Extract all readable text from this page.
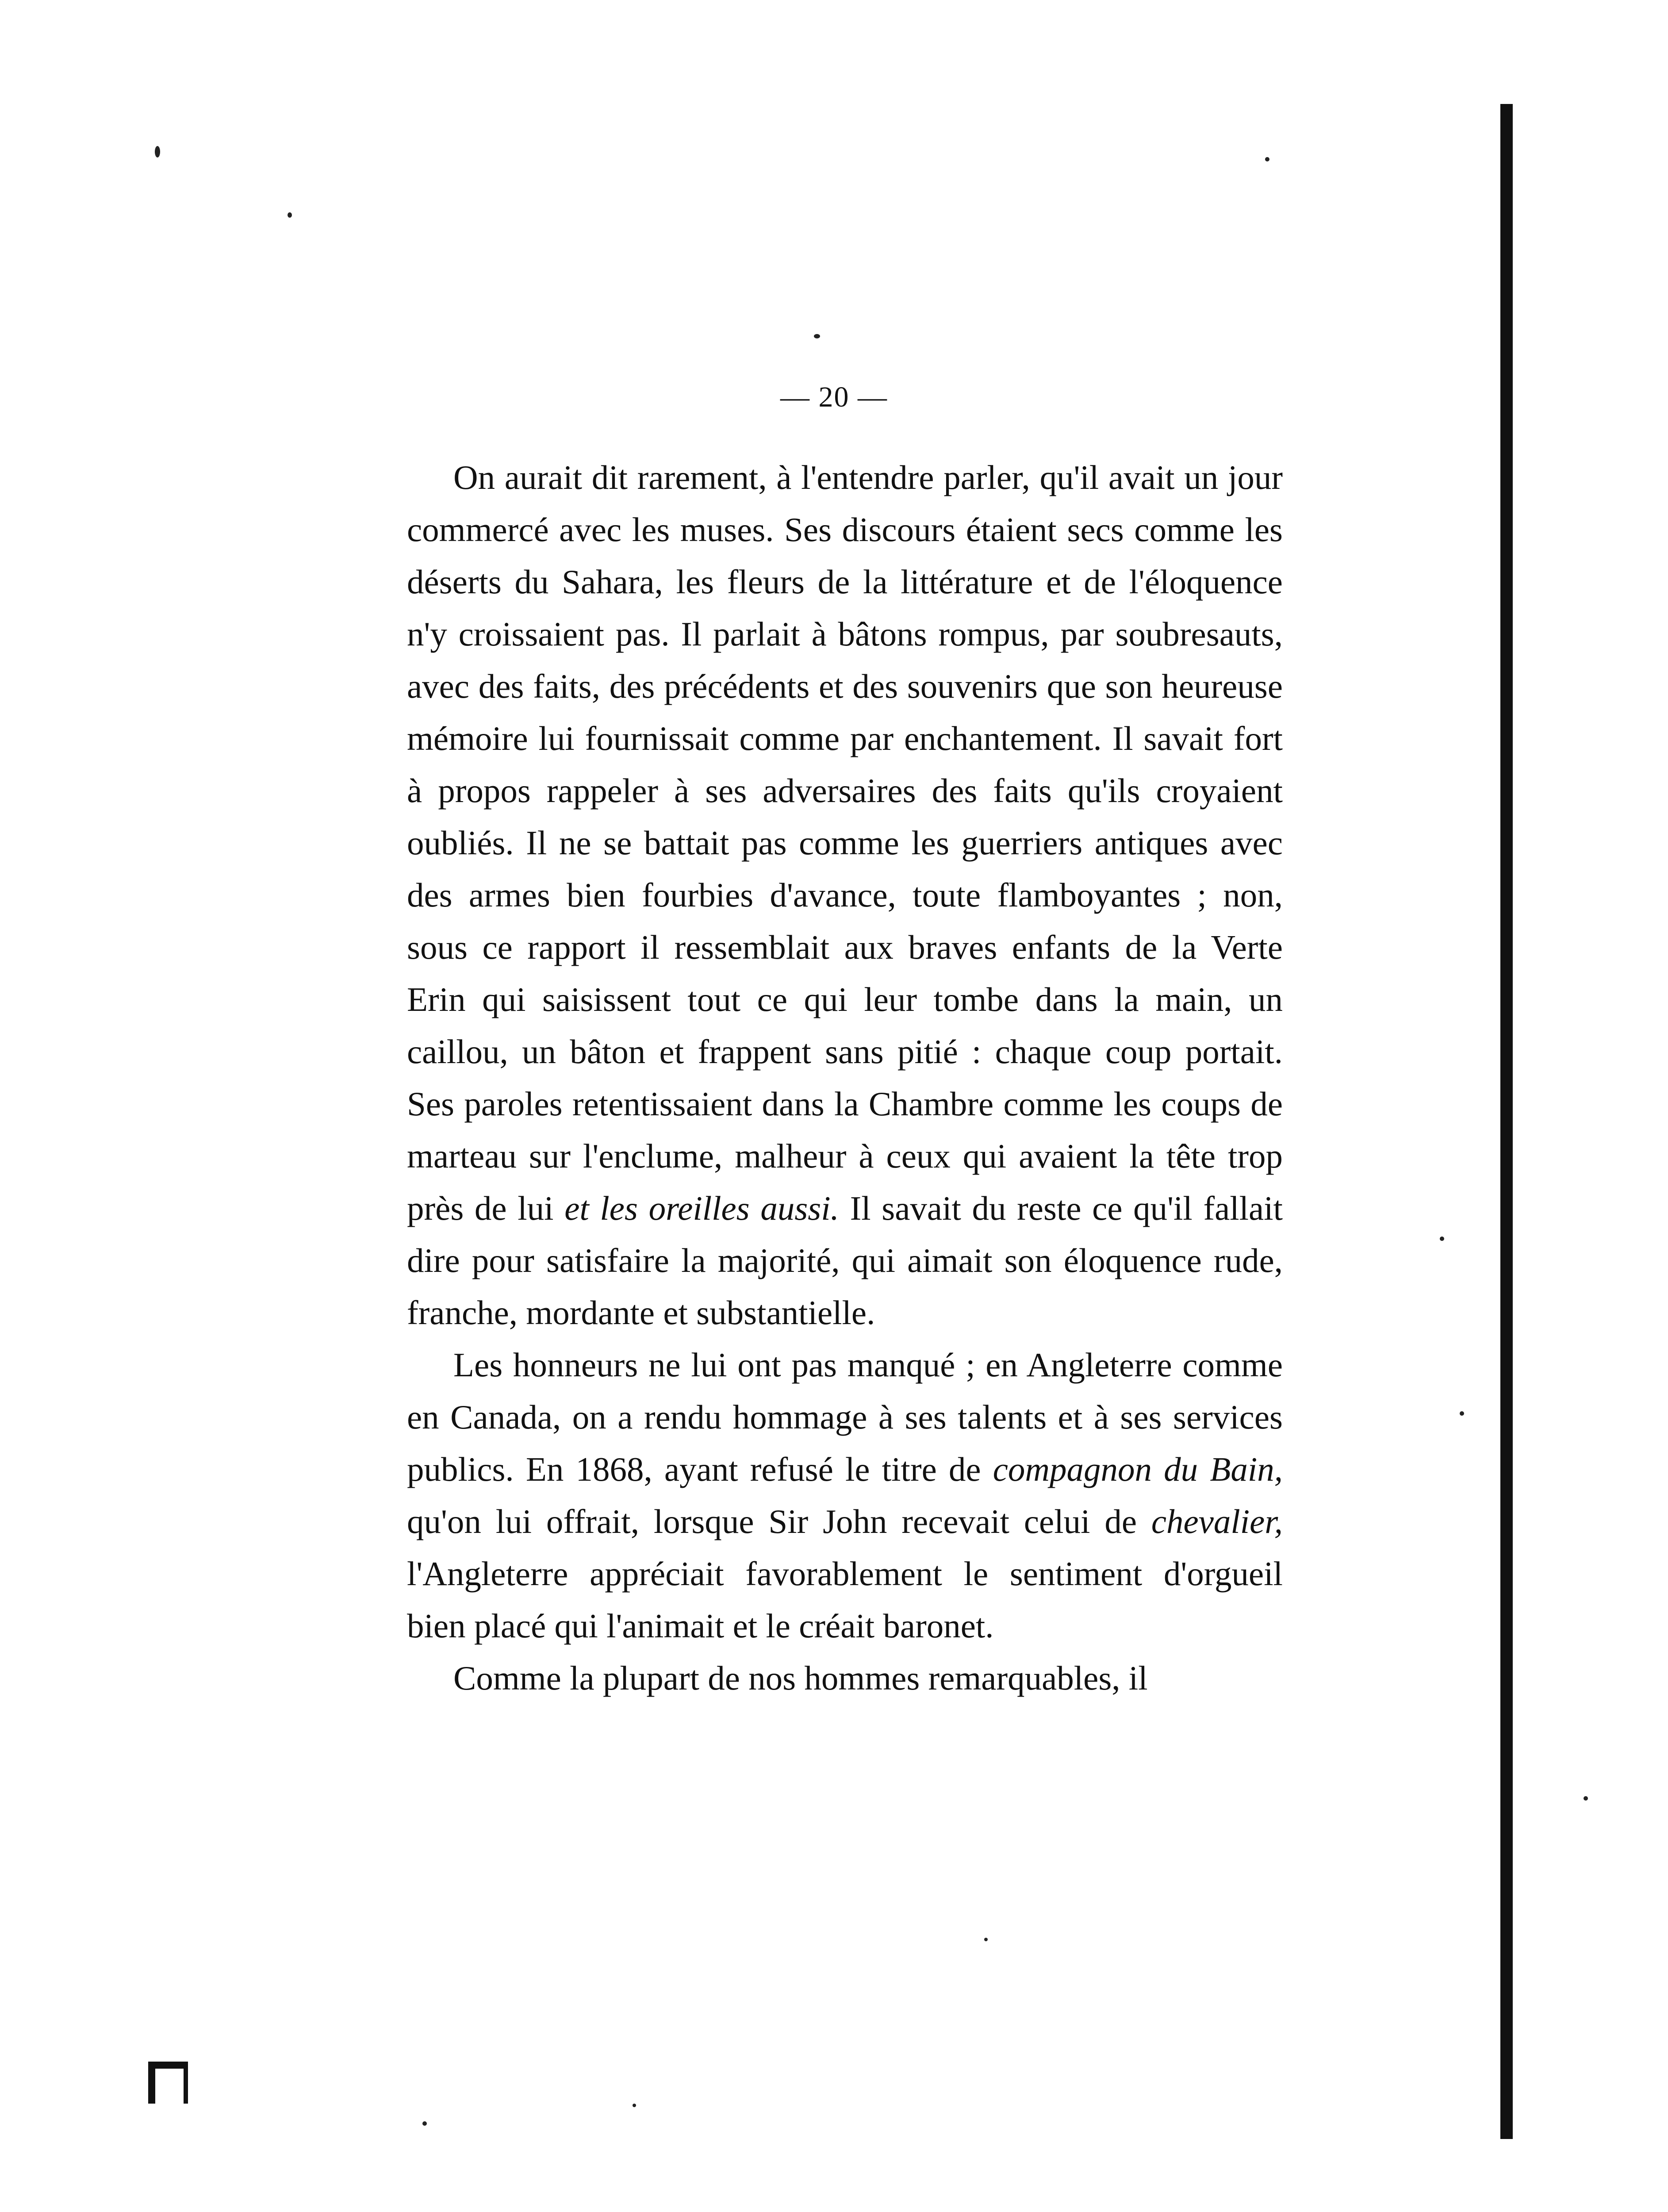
— 20 —

On aurait dit rarement, à l'entendre parler, qu'il avait un jour commercé avec les muses. Ses discours étaient secs comme les déserts du Sahara, les fleurs de la littérature et de l'éloquence n'y croissaient pas. Il parlait à bâtons rompus, par soubresauts, avec des faits, des précédents et des souvenirs que son heureuse mémoire lui fournissait comme par enchantement. Il savait fort à propos rappeler à ses adversaires des faits qu'ils croyaient oubliés. Il ne se battait pas comme les guerriers antiques avec des armes bien fourbies d'avance, toute flamboyantes ; non, sous ce rapport il ressemblait aux braves enfants de la Verte Erin qui saisissent tout ce qui leur tombe dans la main, un caillou, un bâton et frappent sans pitié : chaque coup portait. Ses paroles retentissaient dans la Chambre comme les coups de marteau sur l'enclume, malheur à ceux qui avaient la tête trop près de lui et les oreilles aussi. Il savait du reste ce qu'il fallait dire pour satisfaire la majorité, qui aimait son éloquence rude, franche, mordante et substantielle.

Les honneurs ne lui ont pas manqué ; en Angleterre comme en Canada, on a rendu hommage à ses talents et à ses services publics. En 1868, ayant refusé le titre de compagnon du Bain, qu'on lui offrait, lorsque Sir John recevait celui de chevalier, l'Angleterre appréciait favorablement le sentiment d'orgueil bien placé qui l'animait et le créait baronet.

Comme la plupart de nos hommes remarquables, il
